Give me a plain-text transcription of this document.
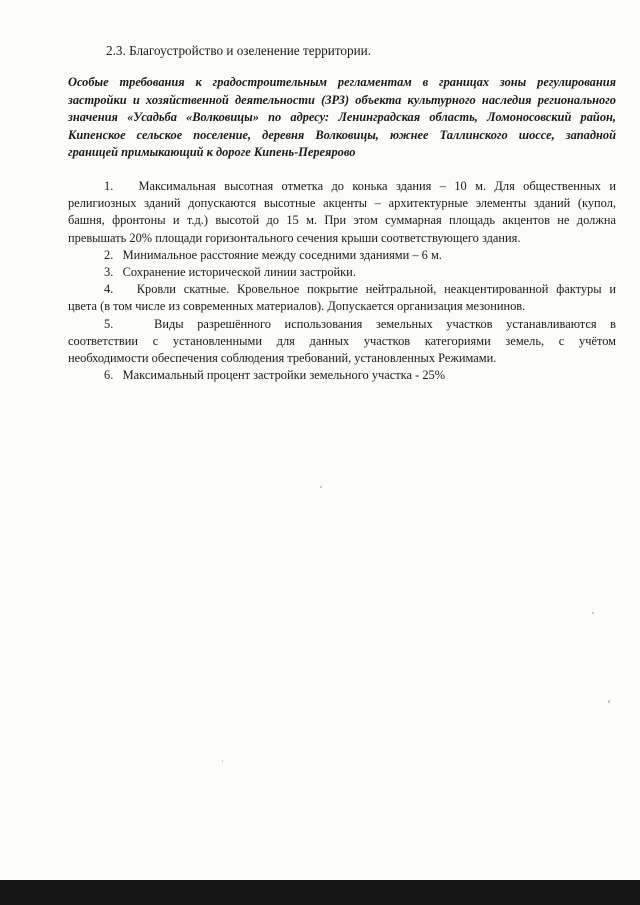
2.3. Благоустройство и озеленение территории.
Особые требования к градостроительным регламентам в границах зоны регулирования
застройки и хозяйственной деятельности (ЗРЗ) объекта культурного наследия регионального
значения «Усадьба «Волковицы» по адресу: Ленинградская область, Ломоносовский район,
Кипенское сельское поселение, деревня Волковицы, южнее Таллинского шоссе, западной
границей примыкающий к дороге Кипень-Переярово
1. Максимальная высотная отметка до конька здания – 10 м. Для общественных и
религиозных зданий допускаются высотные акценты – архитектурные элементы зданий (купол,
башня, фронтоны и т.д.) высотой до 15 м. При этом суммарная площадь акцентов не должна
превышать 20% площади горизонтального сечения крыши соответствующего здания.
2. Минимальное расстояние между соседними зданиями – 6 м.
3. Сохранение исторической линии застройки.
4. Кровли скатные. Кровельное покрытие нейтральной, неакцентированной фактуры и
цвета (в том числе из современных материалов). Допускается организация мезонинов.
5.	Виды разрешённого использования земельных участков устанавливаются в
соответствии с установленными для данных участков категориями земель, с учётом
необходимости обеспечения соблюдения требований, установленных Режимами.
6. Максимальный процент застройки земельного участка - 25%
